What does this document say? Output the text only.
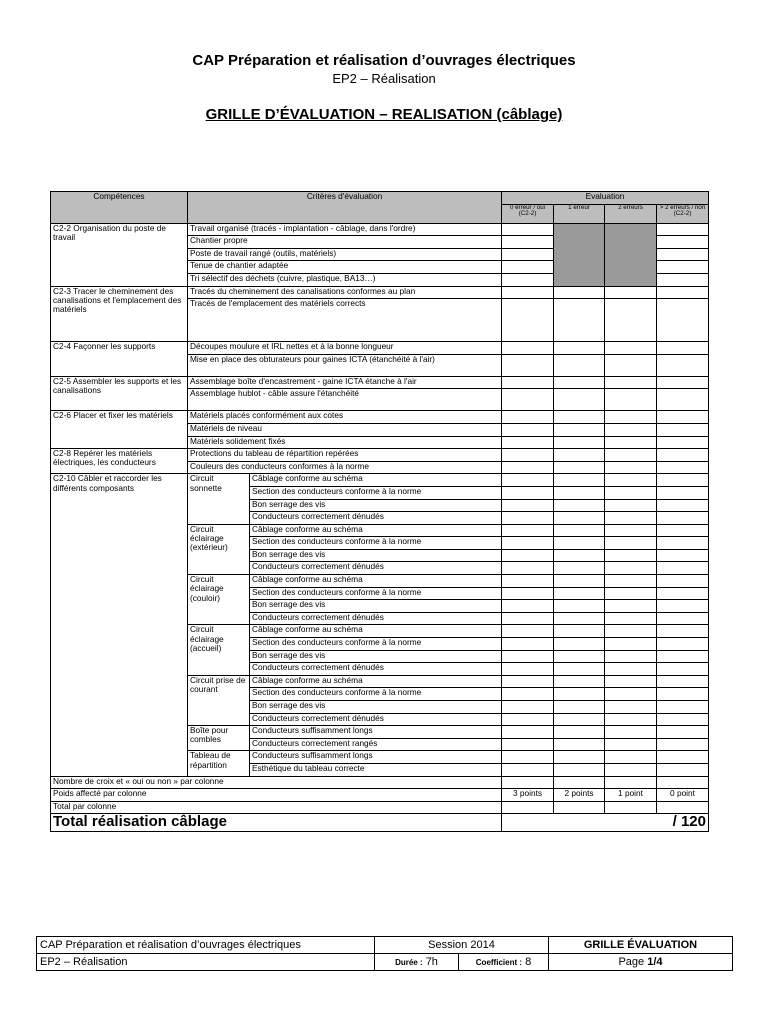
CAP Préparation et réalisation d’ouvrages électriques
EP2 – Réalisation
GRILLE D’ÉVALUATION – REALISATION (câblage)
Compétences	Critères d'évaluation		Evaluation			
			0 erreur / oui (C2-2)	1 erreur	2 erreurs	> 2 erreurs / non (C2-2)
C2-2 Organisation du poste de travail	Travail organisé (tracés - implantation - câblage, dans l'ordre)					
	Chantier propre					
	Poste de travail rangé (outils, matériels)					
	Tenue de chantier adaptée					
	Tri sélectif des déchets (cuivre, plastique, BA13…)					
C2-3 Tracer le cheminement des canalisations et l'emplacement des matériels	Tracés du cheminement des canalisations conformes au plan					
	Tracés de l'emplacement des matériels corrects					
C2-4 Façonner les supports	Découpes moulure et IRL nettes et à la bonne longueur					
	Mise en place des obturateurs pour gaines ICTA (étanchéité à l'air)					
C2-5 Assembler les supports et les canalisations	Assemblage boîte d'encastrement - gaine ICTA étanche à l'air					
	Assemblage hublot - câble assure l'étanchéité					
C2-6 Placer et fixer les matériels	Matériels placés conformément aux cotes					
	Matériels de niveau					
	Matériels solidement fixés					
C2-8 Repérer les matériels électriques, les conducteurs	Protections du tableau de répartition repérées					
	Couleurs des conducteurs conformes à la norme					
C2-10 Câbler et raccorder les différents composants	Circuit sonnette	Câblage conforme au schéma				
		Section des conducteurs conforme à la norme				
		Bon serrage des vis				
		Conducteurs correctement dénudés				
	Circuit éclairage (extérieur)	Câblage conforme au schéma				
		Section des conducteurs conforme à la norme				
		Bon serrage des vis				
		Conducteurs correctement dénudés				
	Circuit éclairage (couloir)	Câblage conforme au schéma				
		Section des conducteurs conforme à la norme				
		Bon serrage des vis				
		Conducteurs correctement dénudés				
	Circuit éclairage (accueil)	Câblage conforme au schéma				
		Section des conducteurs conforme à la norme				
		Bon serrage des vis				
		Conducteurs correctement dénudés				
	Circuit prise de courant	Câblage conforme au schéma				
		Section des conducteurs conforme à la norme				
		Bon serrage des vis				
		Conducteurs correctement dénudés				
	Boîte pour combles	Conducteurs suffisamment longs				
		Conducteurs correctement rangés				
	Tableau de répartition	Conducteurs suffisamment longs				
		Esthétique du tableau correcte				
Nombre de croix et « oui ou non » par colonne						
Poids affecté par colonne			3 points	2 points	1 point	0 point
Total par colonne						
Total réalisation câblage			/ 120			
CAP Préparation et réalisation d’ouvrages électriques	Session 2014	GRILLE ÉVALUATION
EP2 – Réalisation	Durée : 7h Coefficient : 8	Page 1/4
